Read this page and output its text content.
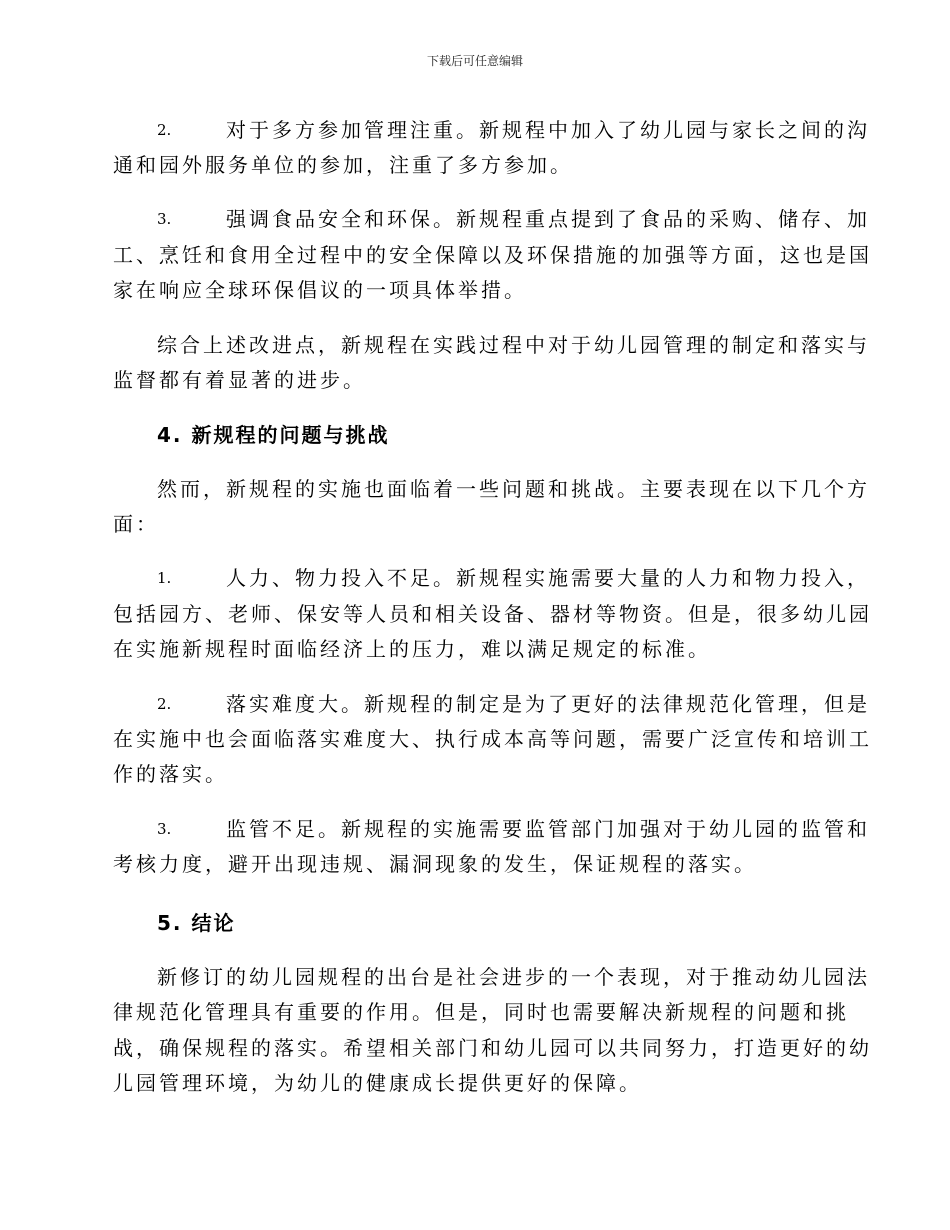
下载后可任意编辑
2.	对于多方参加管理注重。新规程中加入了幼儿园与家长之间的沟
通和园外服务单位的参加，注重了多方参加。
3.	强调食品安全和环保。新规程重点提到了食品的采购、储存、加
工、烹饪和食用全过程中的安全保障以及环保措施的加强等方面，这也是国
家在响应全球环保倡议的一项具体举措。
综合上述改进点，新规程在实践过程中对于幼儿园管理的制定和落实与
监督都有着显著的进步。
4. 新规程的问题与挑战
然而，新规程的实施也面临着一些问题和挑战。主要表现在以下几个方
面：
1.	人力、物力投入不足。新规程实施需要大量的人力和物力投入，
包括园方、老师、保安等人员和相关设备、器材等物资。但是，很多幼儿园
在实施新规程时面临经济上的压力，难以满足规定的标准。
2.	落实难度大。新规程的制定是为了更好的法律规范化管理，但是
在实施中也会面临落实难度大、执行成本高等问题，需要广泛宣传和培训工
作的落实。
3.	监管不足。新规程的实施需要监管部门加强对于幼儿园的监管和
考核力度，避开出现违规、漏洞现象的发生，保证规程的落实。
5. 结论
新修订的幼儿园规程的出台是社会进步的一个表现，对于推动幼儿园法
律规范化管理具有重要的作用。但是，同时也需要解决新规程的问题和挑
战，确保规程的落实。希望相关部门和幼儿园可以共同努力，打造更好的幼
儿园管理环境，为幼儿的健康成长提供更好的保障。
